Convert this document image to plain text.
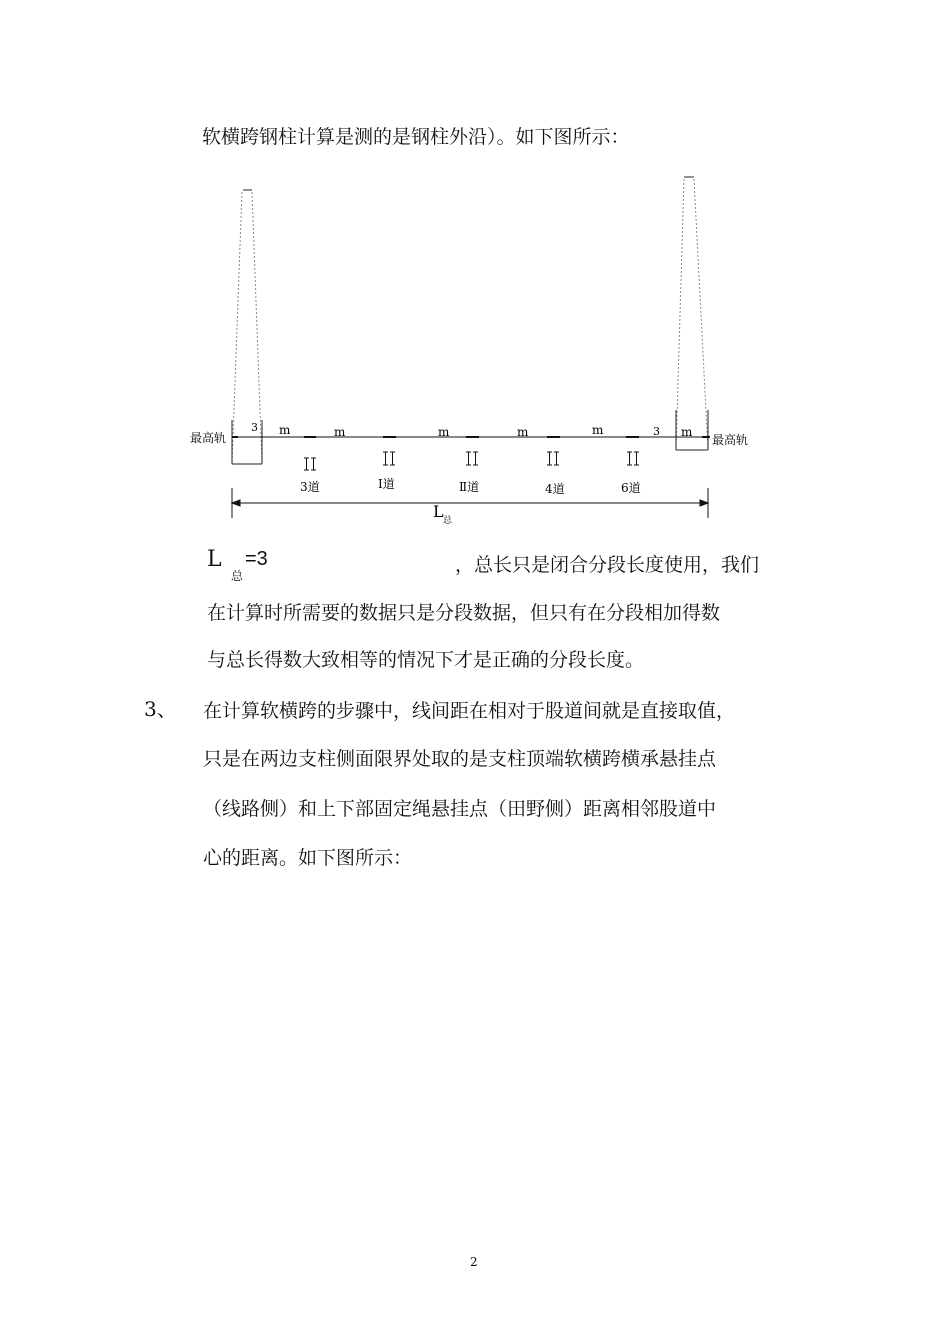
软横跨钢柱计算是测的是钢柱外沿）。如下图所示：
最高轨	最高轨
3	3
m	m	m	m	m	m
3道	Ⅰ道	Ⅱ道	4道	6道
L 总
L
总
=3	，总长只是闭合分段长度使用，我们
在计算时所需要的数据只是分段数据，但只有在分段相加得数
与总长得数大致相等的情况下才是正确的分段长度。
3、 在计算软横跨的步骤中，线间距在相对于股道间就是直接取值，
只是在两边支柱侧面限界处取的是支柱顶端软横跨横承悬挂点
（线路侧）和上下部固定绳悬挂点（田野侧）距离相邻股道中
心的距离。如下图所示：
2
